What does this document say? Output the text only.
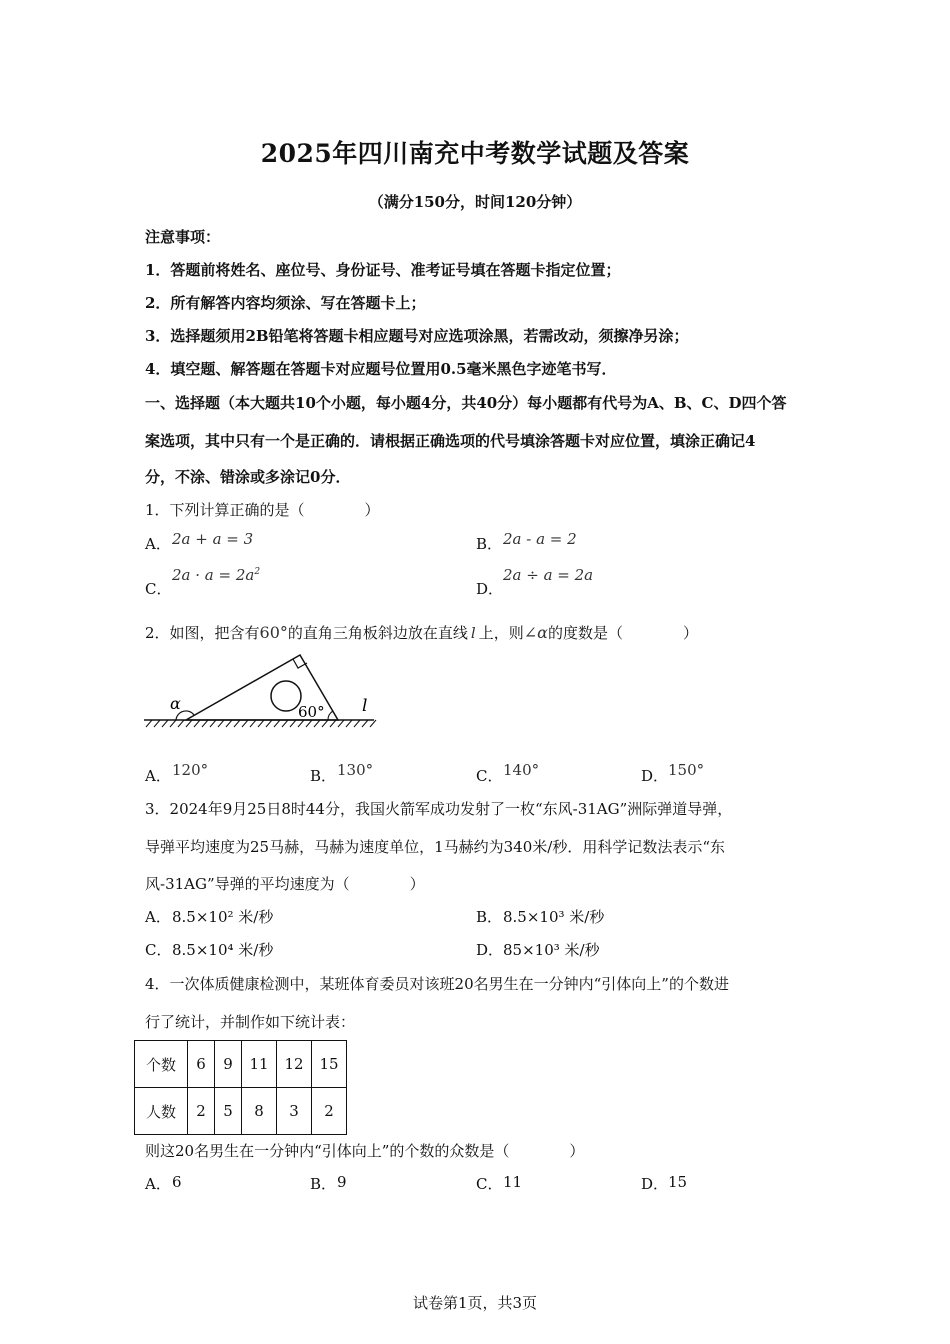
2025年四川南充中考数学试题及答案
（满分150分，时间120分钟）
注意事项：
1．答题前将姓名、座位号、身份证号、准考证号填在答题卡指定位置；
2．所有解答内容均须涂、写在答题卡上；
3．选择题须用2B铅笔将答题卡相应题号对应选项涂黑，若需改动，须擦净另涂；
4．填空题、解答题在答题卡对应题号位置用0.5毫米黑色字迹笔书写．
一、选择题（本大题共10个小题，每小题4分，共40分）每小题都有代号为A、B、C、D四个答
案选项，其中只有一个是正确的．请根据正确选项的代号填涂答题卡对应位置，填涂正确记4
分，不涂、错涂或多涂记0分．
1．下列计算正确的是（　　　　）
A． 2a + a = 3	B． 2a - a = 2
$2a \cdot a = 2a^2$
C．
2a ÷ a = 2a
D．
2．如图，把含有60°的直角三角板斜边放在直线 l 上，则∠α的度数是（　　　　）
α	60° l
A． 120°	B． 130°	C． 140°	D． 150°
3．2024年9月25日8时44分，我国火箭军成功发射了一枚“东风-31AG”洲际弹道导弹，
导弹平均速度为25马赫，马赫为速度单位，1马赫约为340米/秒．用科学记数法表示“东
风-31AG”导弹的平均速度为（　　　　）
A． 8.5×10² 米/秒	B． 8.5×10³ 米/秒
C． 8.5×10⁴ 米/秒	D． 85×10³ 米/秒
4．一次体质健康检测中，某班体育委员对该班20名男生在一分钟内“引体向上”的个数进
行了统计，并制作如下统计表：
个数	6	9	11	12	15
人数	2	5	8	3	2
则这20名男生在一分钟内“引体向上”的个数的众数是（　　　　）
A． 6	B． 9	C． 11	D． 15
试卷第1页，共3页
